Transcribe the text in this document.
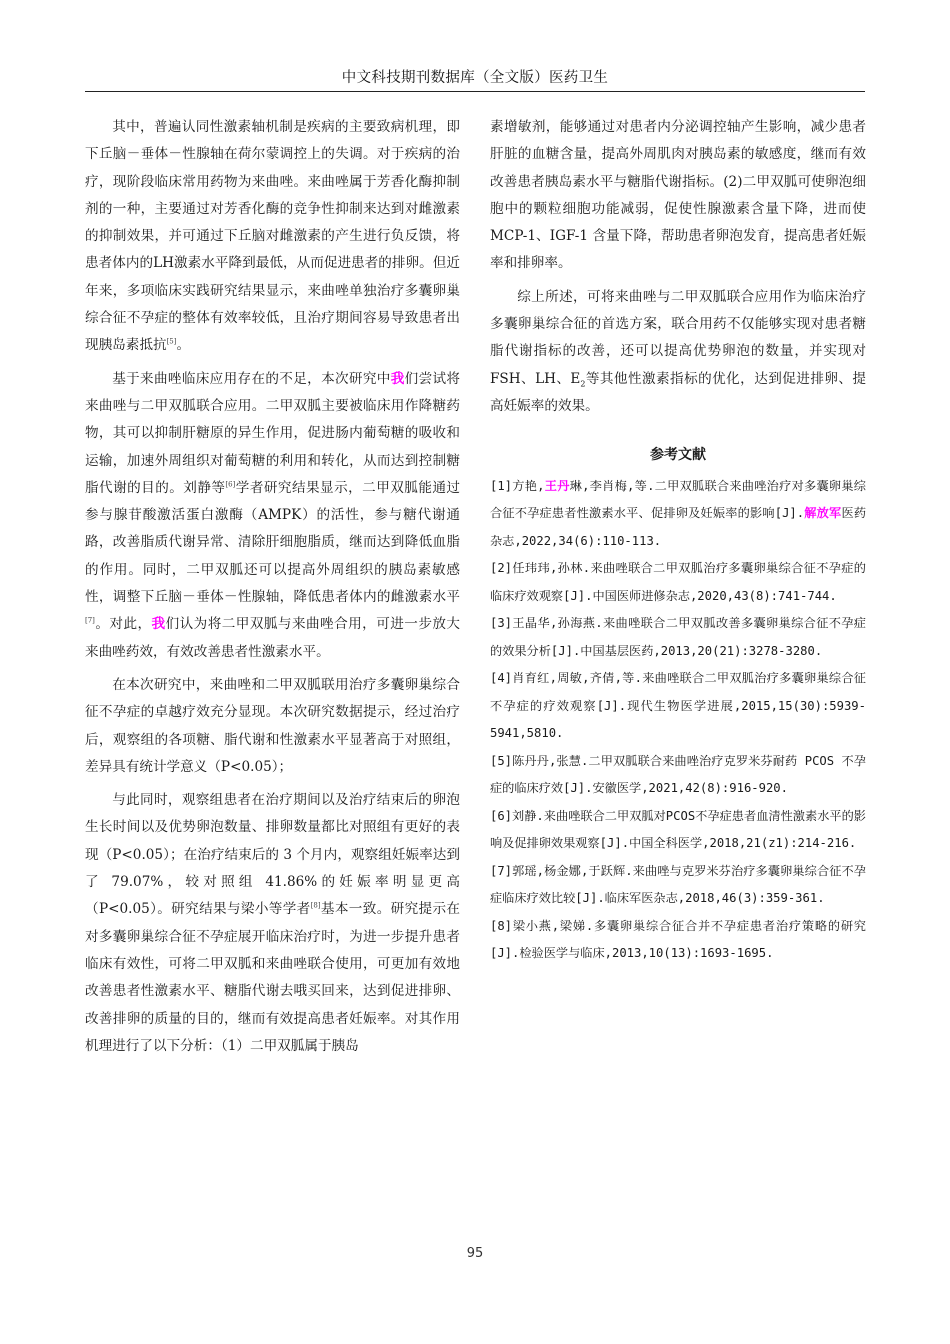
中文科技期刊数据库（全文版）医药卫生

其中，普遍认同性激素轴机制是疾病的主要致病机理，即下丘脑－垂体－性腺轴在荷尔蒙调控上的失调。对于疾病的治疗，现阶段临床常用药物为来曲唑。来曲唑属于芳香化酶抑制剂的一种，主要通过对芳香化酶的竞争性抑制来达到对雌激素的抑制效果，并可通过下丘脑对雌激素的产生进行负反馈，将患者体内的LH激素水平降到最低，从而促进患者的排卵。但近年来，多项临床实践研究结果显示，来曲唑单独治疗多囊卵巢综合征不孕症的整体有效率较低，且治疗期间容易导致患者出现胰岛素抵抗[5]。

基于来曲唑临床应用存在的不足，本次研究中我们尝试将来曲唑与二甲双胍联合应用。二甲双胍主要被临床用作降糖药物，其可以抑制肝糖原的异生作用，促进肠内葡萄糖的吸收和运输，加速外周组织对葡萄糖的利用和转化，从而达到控制糖脂代谢的目的。刘静等[6]学者研究结果显示，二甲双胍能通过参与腺苷酸激活蛋白激酶（AMPK）的活性，参与糖代谢通路，改善脂质代谢异常、清除肝细胞脂质，继而达到降低血脂的作用。同时，二甲双胍还可以提高外周组织的胰岛素敏感性，调整下丘脑－垂体－性腺轴，降低患者体内的雌激素水平[7]。对此，我们认为将二甲双胍与来曲唑合用，可进一步放大来曲唑药效，有效改善患者性激素水平。

在本次研究中，来曲唑和二甲双胍联用治疗多囊卵巢综合征不孕症的卓越疗效充分显现。本次研究数据提示，经过治疗后，观察组的各项糖、脂代谢和性激素水平显著高于对照组，差异具有统计学意义（P<0.05）；

与此同时，观察组患者在治疗期间以及治疗结束后的卵泡生长时间以及优势卵泡数量、排卵数量都比对照组有更好的表现（P<0.05）；在治疗结束后的 3 个月内，观察组妊娠率达到了 79.07%，较对照组 41.86%的妊娠率明显更高（P<0.05）。研究结果与梁小等学者[8]基本一致。研究提示在对多囊卵巢综合征不孕症展开临床治疗时，为进一步提升患者临床有效性，可将二甲双胍和来曲唑联合使用，可更加有效地改善患者性激素水平、糖脂代谢去哦买回来，达到促进排卵、改善排卵的质量的目的，继而有效提高患者妊娠率。对其作用机理进行了以下分析：（1）二甲双胍属于胰岛

素增敏剂，能够通过对患者内分泌调控轴产生影响，减少患者肝脏的血糖含量，提高外周肌肉对胰岛素的敏感度，继而有效改善患者胰岛素水平与糖脂代谢指标。(2)二甲双胍可使卵泡细胞中的颗粒细胞功能减弱，促使性腺激素含量下降，进而使 MCP-1、IGF-1 含量下降，帮助患者卵泡发育，提高患者妊娠率和排卵率。

综上所述，可将来曲唑与二甲双胍联合应用作为临床治疗多囊卵巢综合征的首选方案，联合用药不仅能够实现对患者糖脂代谢指标的改善，还可以提高优势卵泡的数量，并实现对 FSH、LH、$E_2$等其他性激素指标的优化，达到促进排卵、提高妊娠率的效果。

参考文献

[1]方艳,王丹琳,李肖梅,等.二甲双胍联合来曲唑治疗对多囊卵巢综合征不孕症患者性激素水平、促排卵及妊娠率的影响[J].解放军医药杂志,2022,34(6):110-113.

[2]任玮玮,孙林.来曲唑联合二甲双胍治疗多囊卵巢综合征不孕症的临床疗效观察[J].中国医师进修杂志,2020,43(8):741-744.

[3]王晶华,孙海燕.来曲唑联合二甲双胍改善多囊卵巢综合征不孕症的效果分析[J].中国基层医药,2013,20(21):3278-3280.

[4]肖育红,周敏,齐倩,等.来曲唑联合二甲双胍治疗多囊卵巢综合征不孕症的疗效观察[J].现代生物医学进展,2015,15(30):5939-5941,5810.

[5]陈丹丹,张慧.二甲双胍联合来曲唑治疗克罗米芬耐药 PCOS 不孕症的临床疗效[J].安徽医学,2021,42(8):916-920.

[6]刘静.来曲唑联合二甲双胍对PCOS不孕症患者血清性激素水平的影响及促排卵效果观察[J].中国全科医学,2018,21(z1):214-216.

[7]郭瑶,杨金娜,于跃辉.来曲唑与克罗米芬治疗多囊卵巢综合征不孕症临床疗效比较[J].临床军医杂志,2018,46(3):359-361.

[8]梁小燕,梁娣.多囊卵巢综合征合并不孕症患者治疗策略的研究[J].检验医学与临床,2013,10(13):1693-1695.

95
